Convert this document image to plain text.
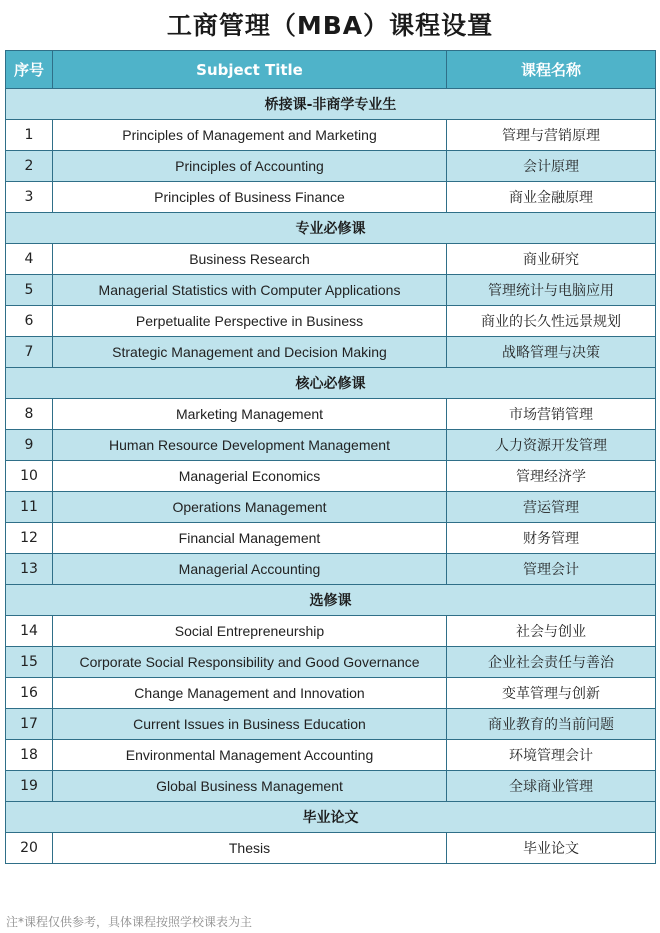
工商管理（MBA）课程设置
序号	Subject Title	课程名称
桥接课-非商学专业生		
1	Principles of Management and Marketing	管理与营销原理
2	Principles of Accounting	会计原理
3	Principles of Business Finance	商业金融原理
专业必修课		
4	Business Research	商业研究
5	Managerial Statistics with Computer Applications	管理统计与电脑应用
6	Perpetualite Perspective in Business	商业的长久性远景规划
7	Strategic Management and Decision Making	战略管理与决策
核心必修课		
8	Marketing Management	市场营销管理
9	Human Resource Development Management	人力资源开发管理
10	Managerial Economics	管理经济学
11	Operations Management	营运管理
12	Financial Management	财务管理
13	Managerial Accounting	管理会计
选修课		
14	Social Entrepreneurship	社会与创业
15	Corporate Social Responsibility and Good Governance	企业社会责任与善治
16	Change Management and Innovation	变革管理与创新
17	Current Issues in Business Education	商业教育的当前问题
18	Environmental Management Accounting	环境管理会计
19	Global Business Management	全球商业管理
毕业论文		
20	Thesis	毕业论文
注*课程仅供参考，具体课程按照学校课表为主
